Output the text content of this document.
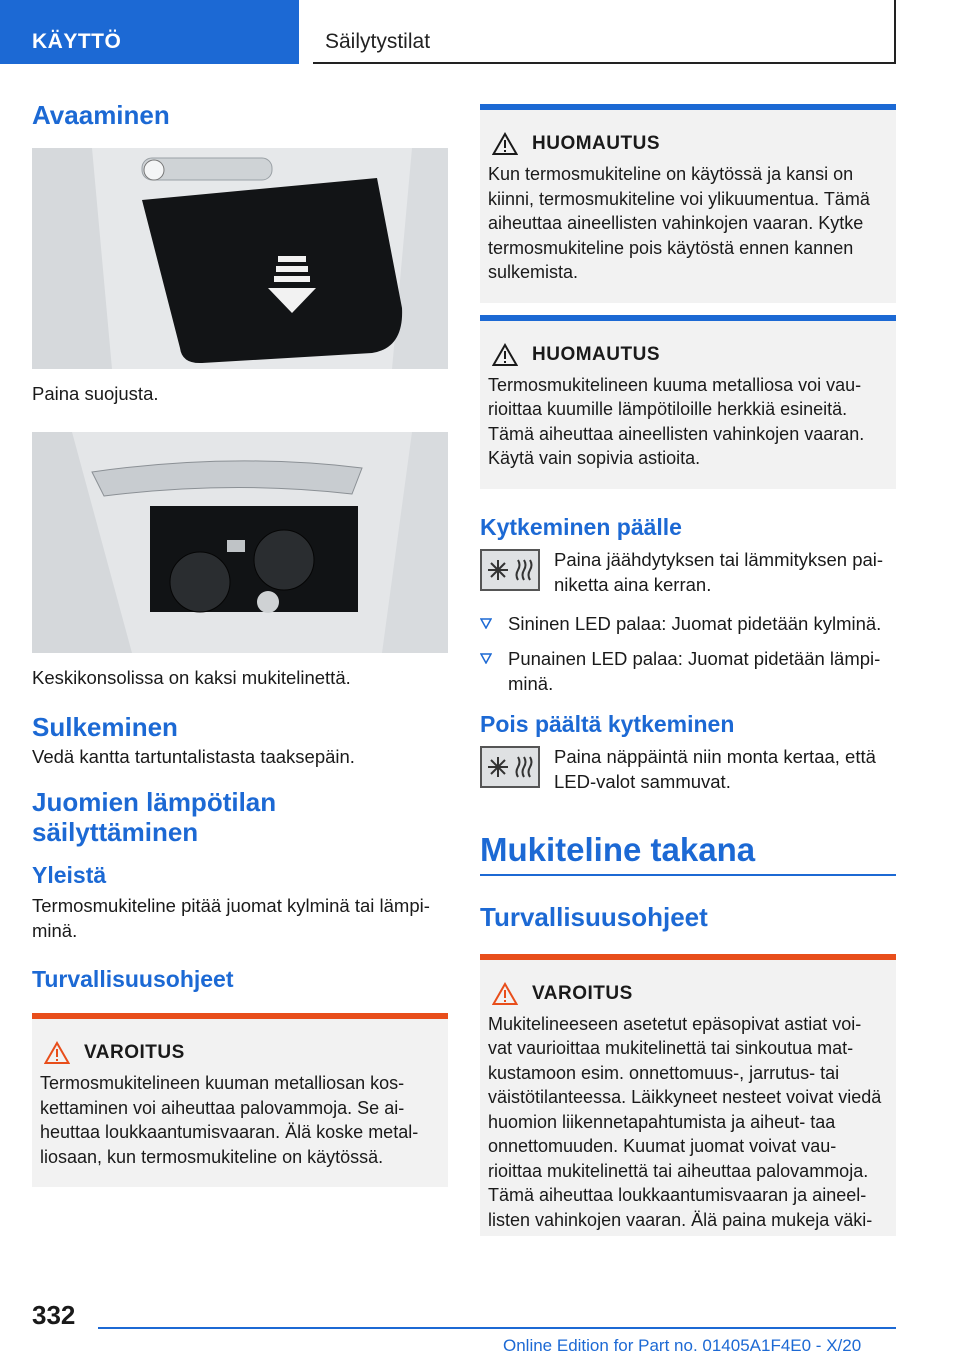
KÄYTTÖ	Säilytystilat
Avaaminen

Paina suojusta.

Keskikonsolissa on kaksi mukitelinettä.

Sulkeminen

Vedä kantta tartuntalistasta taaksepäin.

Juomien lämpötilan säilyttäminen
Yleistä

Termosmukiteline pitää juomat kylminä tai lämpi- minä.

Turvallisuusohjeet
VAROITUS

Termosmukitelineen kuuman metalliosan kos- kettaminen voi aiheuttaa palovammoja. Se ai- heuttaa loukkaantumisvaaran. Älä koske metal- liosaan, kun termosmukiteline on käytössä.

HUOMAUTUS

Kun termosmukiteline on käytössä ja kansi on kiinni, termosmukiteline voi ylikuumentua. Tämä aiheuttaa aineellisten vahinkojen vaaran. Kytke termosmukiteline pois käytöstä ennen kannen sulkemista.

HUOMAUTUS

Termosmukitelineen kuuma metalliosa voi vau- rioittaa kuumille lämpötiloille herkkiä esineitä. Tämä aiheuttaa aineellisten vahinkojen vaaran. Käytä vain sopivia astioita.

Kytkeminen päälle

Paina jäähdytyksen tai lämmityksen pai- niketta aina kerran.

Sininen LED palaa: Juomat pidetään kylminä.
Punainen LED palaa: Juomat pidetään lämpi- minä.
Pois päältä kytkeminen

Paina näppäintä niin monta kertaa, että LED-valot sammuvat.

Mukiteline takana
Turvallisuusohjeet
VAROITUS

Mukitelineeseen asetetut epäsopivat astiat voi- vat vaurioittaa mukitelinettä tai sinkoutua mat- kustamoon esim. onnettomuus-, jarrutus- tai väistötilanteessa. Läikkyneet nesteet voivat viedä huomion liikennetapahtumista ja aiheut- taa onnettomuuden. Kuumat juomat voivat vau- rioittaa mukitelinettä tai aiheuttaa palovammoja. Tämä aiheuttaa loukkaantumisvaaran ja aineel- listen vahinkojen vaaran. Älä paina mukeja väki-

332
Online Edition for Part no. 01405A1F4E0 - X/20
